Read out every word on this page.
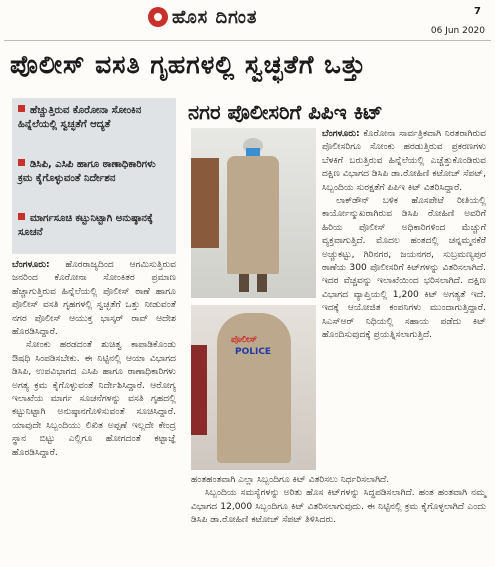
ಹೊಸ ದಿಗಂತ	7
06 Jun 2020
ಪೊಲೀಸ್ ವಸತಿ ಗೃಹಗಳಲ್ಲಿ ಸ್ವಚ್ಛತೆಗೆ ಒತ್ತು
ನಗರ ಪೊಲೀಸರಿಗೆ ಪಿಪಿಇ ಕಿಟ್
ಹೆಚ್ಚುತ್ತಿರುವ ಕೊರೋನಾ ಸೋಂಕಿನ ಹಿನ್ನೆಲೆಯಲ್ಲಿ ಸ್ವಚ್ಛತೆಗೆ ಆದ್ಯತೆ
ಡಿಸಿಪಿ, ಎಸಿಪಿ ಹಾಗೂ ಠಾಣಾಧಿಕಾರಿಗಳು ಕ್ರಮ ಕೈಗೊಳ್ಳುವಂತೆ ನಿರ್ದೇಶನ
ಮಾರ್ಗಸೂಚಿ ಕಟ್ಟುನಿಟ್ಟಾಗಿ ಅನುಷ್ಠಾನಕ್ಕೆ ಸೂಚನೆ
ಪೊಲೀಸ್
POLICE

ಬೆಂಗಳೂರು: ಹೊರರಾಜ್ಯದಿಂದ ಆಗಮಿಸುತ್ತಿರುವ ಜನರಿಂದ ಕೊರೋನಾ ಸೋಂಕಿತರ ಪ್ರಮಾಣ ಹೆಚ್ಚಾಗುತ್ತಿರುವ ಹಿನ್ನೆಲೆಯಲ್ಲಿ ಪೊಲೀಸ್ ಠಾಣೆ ಹಾಗೂ ಪೊಲೀಸ್ ವಸತಿ ಗೃಹಗಳಲ್ಲಿ ಸ್ವಚ್ಛತೆಗೆ ಒತ್ತು ನೀಡುವಂತೆ ನಗರ ಪೊಲೀಸ್ ಆಯುಕ್ತ ಭಾಸ್ಕರ್ ರಾವ್ ಆದೇಶ ಹೊರಡಿಸಿದ್ದಾರೆ.

ಸೋಂಕು ಹರಡದಂತೆ ಶುಚಿತ್ವ ಕಾಪಾಡಿಕೊಂಡು ಔಷಧಿ ಸಿಂಪಡಿಸಬೇಕು. ಈ ನಿಟ್ಟಿನಲ್ಲಿ ಆಯಾ ವಿಭಾಗದ ಡಿಸಿಪಿ, ಉಪವಿಭಾಗದ ಎಸಿಪಿ ಹಾಗೂ ಠಾಣಾಧಿಕಾರಿಗಳು ಅಗತ್ಯ ಕ್ರಮ ಕೈಗೊಳ್ಳುವಂತೆ ನಿರ್ದೇಶಿಸಿದ್ದಾರೆ. ಆರೋಗ್ಯ ಇಲಾಖೆಯ ಮಾರ್ಗ ಸೂಚನೆಗಳನ್ನು ವಸತಿ ಗೃಹದಲ್ಲಿ ಕಟ್ಟುನಿಟ್ಟಾಗಿ ಅನುಷ್ಠಾನಗೊಳಿಸುವಂತೆ ಸೂಚಿಸಿದ್ದಾರೆ. ಯಾವುದೇ ಸಿಬ್ಬಂದಿಯು ಲಿಖಿತ ಅಪ್ಪಣೆ ಇಲ್ಲದೇ ಕೇಂದ್ರ ಸ್ಥಾನ ಬಿಟ್ಟು ಎಲ್ಲಿಗೂ ಹೋಗದಂತೆ ಕಟ್ಟಾಜ್ಞೆ ಹೊರಡಿಸಿದ್ದಾರೆ.

ಬೆಂಗಳೂರು: ಕೊರೋನಾ ಸಾರ್ವತ್ರಿಕವಾಗಿ ನಿರತರಾಗಿರುವ ಪೊಲೀಸರಿಗೂ ಸೋಂಕು ಹರಡುತ್ತಿರುವ ಪ್ರಕರಣಗಳು ಬೆಳಕಿಗೆ ಬರುತ್ತಿರುವ ಹಿನ್ನೆಲೆಯಲ್ಲಿ ಎಚ್ಚೆತ್ತುಕೊಂಡಿರುವ ದಕ್ಷಿಣ ವಿಭಾಗದ ಡಿಸಿಪಿ ಡಾ.ರೋಹಿಣಿ ಕಟೋಚ್ ಸೆಪಟ್, ಸಿಬ್ಬಂದಿಯ ಸುರಕ್ಷತೆಗೆ ಪಿಪಿಇ ಕಿಟ್ ವಿತರಿಸಿದ್ದಾರೆ.

ಲಾಕ್‌ಡೌನ್ ಬಳಿಕ ಹೊಸಪೇಟೆ ರೀತಿಯಲ್ಲಿ ಕಾರ್ಯೋನ್ಮುಖರಾಗಿರುವ ಡಿಸಿಪಿ ರೋಹಿಣಿ ಅವರಿಗೆ ಹಿರಿಯ ಪೊಲೀಸ್ ಅಧಿಕಾರಿಗಳಿಂದ ಮೆಚ್ಚುಗೆ ವ್ಯಕ್ತವಾಗುತ್ತಿದೆ. ಮೊದಲ ಹಂತದಲ್ಲಿ ಚನ್ನಮ್ಮನಕೆರೆ ಅಚ್ಚುಕಟ್ಟು, ಗಿರಿನಗರ, ಜಯನಗರ, ಸುಬ್ರಮಣ್ಯಪುರ ಠಾಣೆಯ 300 ಪೊಲೀಸರಿಗೆ ಕಿಟ್‌ಗಳನ್ನು ವಿತರಿಸಲಾಗಿದೆ. ಇದರ ವೆಚ್ಚವನ್ನು ಇಲಾಖೆಯಿಂದ ಭರಿಸಲಾಗಿದೆ. ದಕ್ಷಿಣ ವಿಭಾಗದ ವ್ಯಾಪ್ತಿಯಲ್ಲಿ 1,200 ಕಿಟ್ ಅಗತ್ಯತೆ ಇದೆ. ಇದಕ್ಕೆ ಆಯೋಜಿತ ಕಂಪನಿಗಳು ಮುಂದಾಗುತ್ತಿದ್ದಾರೆ. ಸಿಎಸ್‌ಆರ್ ನಿಧಿಯಲ್ಲಿ ಸಹಾಯ ಪಡೆದು ಕಿಟ್ ಹೊಂದಿಸುವುದಕ್ಕೆ ಪ್ರಯತ್ನಿಸಲಾಗುತ್ತಿದೆ.

ಹಂತಹಂತವಾಗಿ ಎಲ್ಲಾ ಸಿಬ್ಬಂದಿಗೂ ಕಿಟ್ ವಿತರಿಸಲು ನಿರ್ಧರಿಸಲಾಗಿದೆ.

ಸಿಬ್ಬಂದಿಯ ಸಮಸ್ಯೆಗಳನ್ನು ಅರಿತು ಹೊಸ ಕಿಟ್‌ಗಳನ್ನು ಸಿದ್ಧಪಡಿಸಲಾಗಿದೆ. ಹಂತ ಹಂತವಾಗಿ ನಮ್ಮ ವಿಭಾಗದ 12,000 ಸಿಬ್ಬಂದಿಗೂ ಕಿಟ್ ವಿತರಿಸಲಾಗುವುದು. ಈ ನಿಟ್ಟಿನಲ್ಲಿ ಕ್ರಮ ಕೈಗೊಳ್ಳಲಾಗಿದೆ ಎಂದು ಡಿಸಿಪಿ ಡಾ.ರೋಹಿಣಿ ಕಟೋಚ್ ಸೆಪಟ್ ತಿಳಿಸಿದರು.
